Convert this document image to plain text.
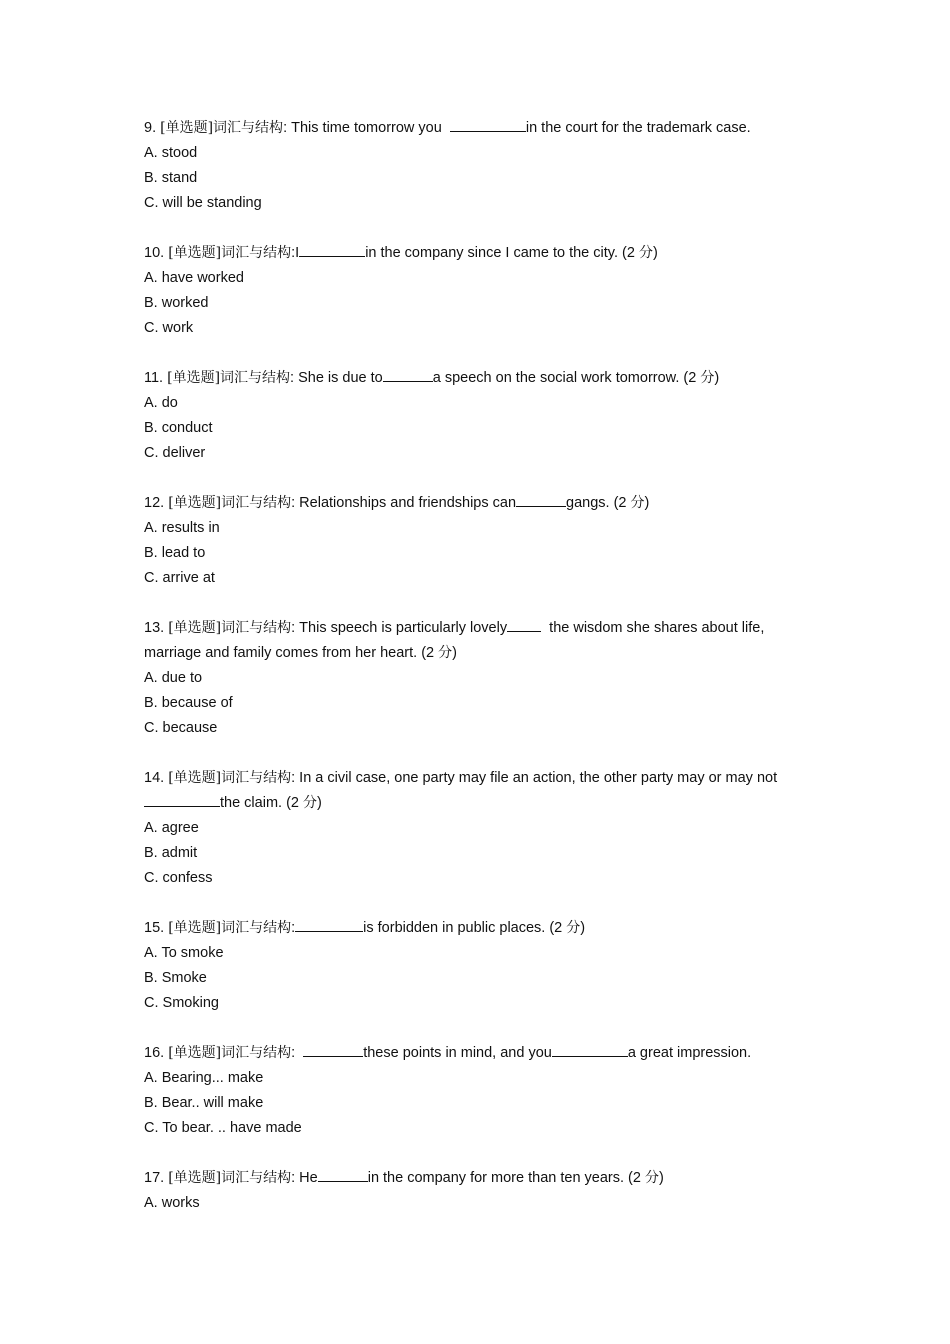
9. [单选题]词汇与结构: This time tomorrow you	in the court for the trademark case.
A. stood
B. stand
C. will be standing
10. [单选题]词汇与结构:I	in the company since I came to the city. (2 分)
A. have worked
B. worked
C. work
11. [单选题]词汇与结构: She is due to	a speech on the social work tomorrow. (2 分)
A. do
B. conduct
C. deliver
12. [单选题]词汇与结构: Relationships and friendships can	gangs. (2 分)
A. results in
B. lead to
C. arrive at
13. [单选题]词汇与结构: This speech is particularly lovely  the wisdom she shares about life, marriage and family comes from her heart. (2 分)
A. due to
B. because of
C. because
14. [单选题]词汇与结构: In a civil case, one party may file an action, the other party may or may notthe claim. (2 分)
A. agree
B. admit
C. confess
15. [单选题]词汇与结构:	is forbidden in public places. (2 分)
A. To smoke
B. Smoke
C. Smoking
16. [单选题]词汇与结构:	these points in mind, and you	a great impression.
A. Bearing... make
B. Bear.. will make
C. To bear. .. have made
17. [单选题]词汇与结构: He	in the company for more than ten years. (2 分)
A. works
